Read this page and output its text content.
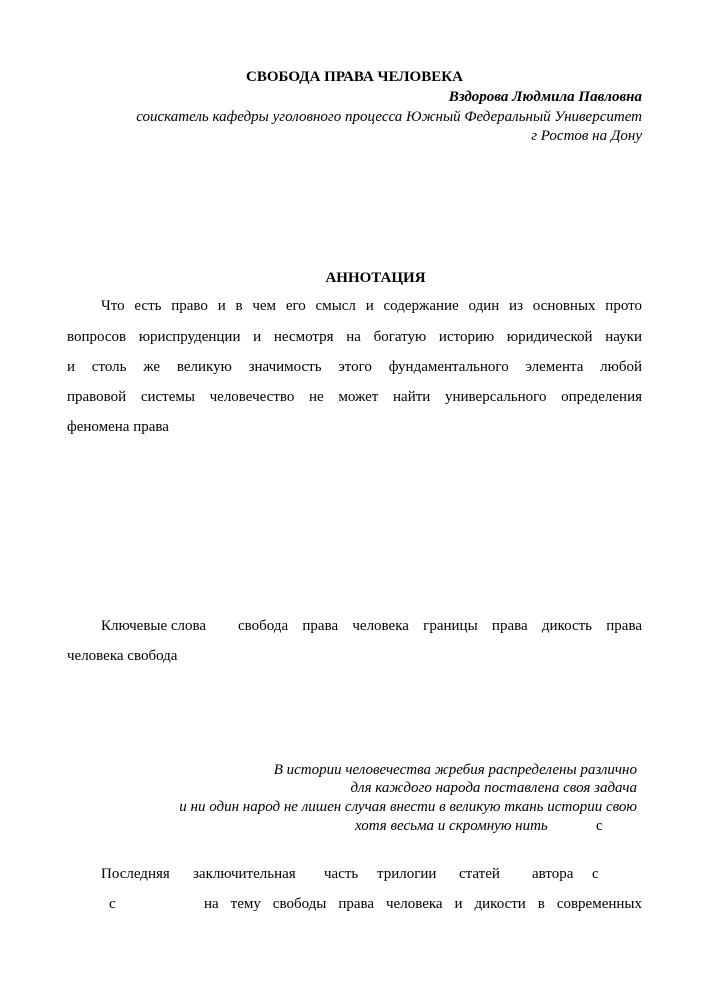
СВОБОДА ПРАВА ЧЕЛОВЕКА
Вздорова Людмила Павловна
соискатель кафедры уголовного процесса Южный Федеральный Университет
г Ростов на Дону
АННОТАЦИЯ
Что есть право и в чем его смысл и содержание один из основных прото
вопросов юриспруденции и несмотря на богатую историю юридической науки
и столь же великую значимость этого фундаментального элемента любой
правовой системы человечество не может найти универсального определения
феномена права
Ключевые слова свобода права человека границы права дикость права
человека свобода
В истории человечества жребия распределены различно
для каждого народа поставлена своя задача
и ни один народ не лишен случая внести в великую ткань истории свою
хотя весьма и скромную нить	с
Последняя заключительная часть трилогии статей автора с
с	на тему свободы права человека и дикости в современных
